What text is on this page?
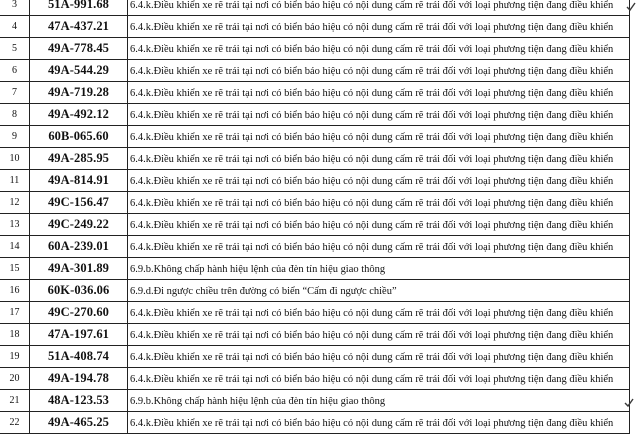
3	51A-991.68	6.4.k.Điều khiển xe rẽ trái tại nơi có biển báo hiệu có nội dung cấm rẽ trái đối với loại phương tiện đang điều khiển
4	47A-437.21	6.4.k.Điều khiển xe rẽ trái tại nơi có biển báo hiệu có nội dung cấm rẽ trái đối với loại phương tiện đang điều khiển
5	49A-778.45	6.4.k.Điều khiển xe rẽ trái tại nơi có biển báo hiệu có nội dung cấm rẽ trái đối với loại phương tiện đang điều khiển
6	49A-544.29	6.4.k.Điều khiển xe rẽ trái tại nơi có biển báo hiệu có nội dung cấm rẽ trái đối với loại phương tiện đang điều khiển
7	49A-719.28	6.4.k.Điều khiển xe rẽ trái tại nơi có biển báo hiệu có nội dung cấm rẽ trái đối với loại phương tiện đang điều khiển
8	49A-492.12	6.4.k.Điều khiển xe rẽ trái tại nơi có biển báo hiệu có nội dung cấm rẽ trái đối với loại phương tiện đang điều khiển
9	60B-065.60	6.4.k.Điều khiển xe rẽ trái tại nơi có biển báo hiệu có nội dung cấm rẽ trái đối với loại phương tiện đang điều khiển
10	49A-285.95	6.4.k.Điều khiển xe rẽ trái tại nơi có biển báo hiệu có nội dung cấm rẽ trái đối với loại phương tiện đang điều khiển
11	49A-814.91	6.4.k.Điều khiển xe rẽ trái tại nơi có biển báo hiệu có nội dung cấm rẽ trái đối với loại phương tiện đang điều khiển
12	49C-156.47	6.4.k.Điều khiển xe rẽ trái tại nơi có biển báo hiệu có nội dung cấm rẽ trái đối với loại phương tiện đang điều khiển
13	49C-249.22	6.4.k.Điều khiển xe rẽ trái tại nơi có biển báo hiệu có nội dung cấm rẽ trái đối với loại phương tiện đang điều khiển
14	60A-239.01	6.4.k.Điều khiển xe rẽ trái tại nơi có biển báo hiệu có nội dung cấm rẽ trái đối với loại phương tiện đang điều khiển
15	49A-301.89	6.9.b.Không chấp hành hiệu lệnh của đèn tín hiệu giao thông
16	60K-036.06	6.9.d.Đi ngược chiều trên đường có biển “Cấm đi ngược chiều”
17	49C-270.60	6.4.k.Điều khiển xe rẽ trái tại nơi có biển báo hiệu có nội dung cấm rẽ trái đối với loại phương tiện đang điều khiển
18	47A-197.61	6.4.k.Điều khiển xe rẽ trái tại nơi có biển báo hiệu có nội dung cấm rẽ trái đối với loại phương tiện đang điều khiển
19	51A-408.74	6.4.k.Điều khiển xe rẽ trái tại nơi có biển báo hiệu có nội dung cấm rẽ trái đối với loại phương tiện đang điều khiển
20	49A-194.78	6.4.k.Điều khiển xe rẽ trái tại nơi có biển báo hiệu có nội dung cấm rẽ trái đối với loại phương tiện đang điều khiển
21	48A-123.53	6.9.b.Không chấp hành hiệu lệnh của đèn tín hiệu giao thông
22	49A-465.25	6.4.k.Điều khiển xe rẽ trái tại nơi có biển báo hiệu có nội dung cấm rẽ trái đối với loại phương tiện đang điều khiển
